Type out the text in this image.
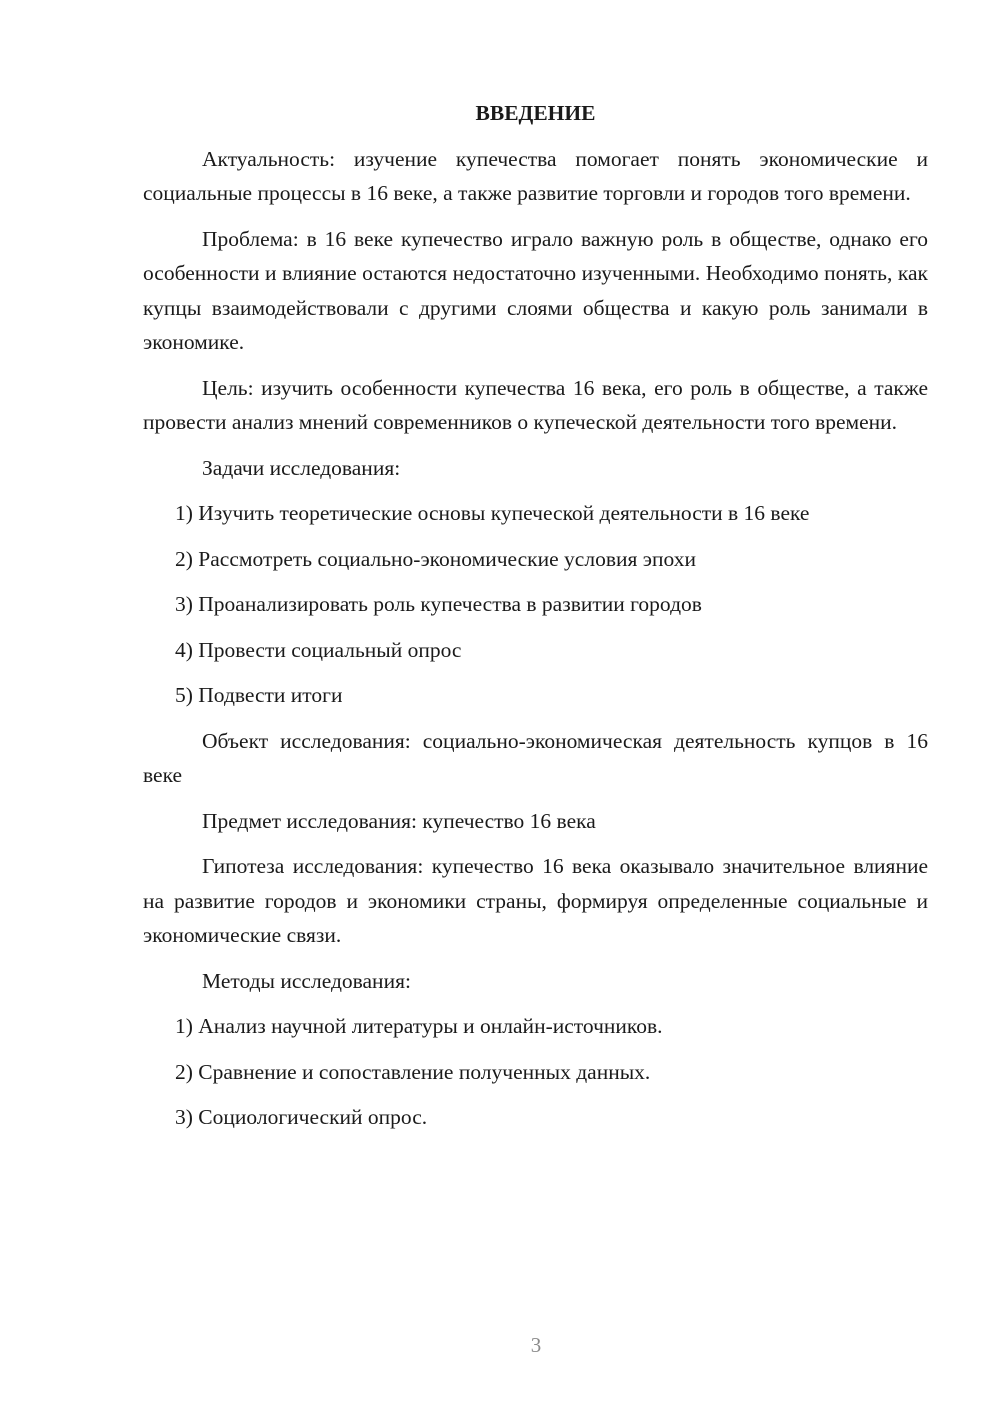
ВВЕДЕНИЕ

Актуальность: изучение купечества помогает понять экономические и социальные процессы в 16 веке, а также развитие торговли и городов того времени.

Проблема: в 16 веке купечество играло важную роль в обществе, однако его особенности и влияние остаются недостаточно изученными. Необходимо понять, как купцы взаимодействовали с другими слоями общества и какую роль занимали в экономике.

Цель: изучить особенности купечества 16 века, его роль в обществе, а также провести анализ мнений современников о купеческой деятельности того времени.

Задачи исследования:

1) Изучить теоретические основы купеческой деятельности в 16 веке
2) Рассмотреть социально-экономические условия эпохи
3) Проанализировать роль купечества в развитии городов
4) Провести социальный опрос
5) Подвести итоги

Объект исследования: социально-экономическая деятельность купцов в 16 веке

Предмет исследования: купечество 16 века

Гипотеза исследования: купечество 16 века оказывало значительное влияние на развитие городов и экономики страны, формируя определенные социальные и экономические связи.

Методы исследования:

1) Анализ научной литературы и онлайн-источников.
2) Сравнение и сопоставление полученных данных.
3) Социологический опрос.
3
